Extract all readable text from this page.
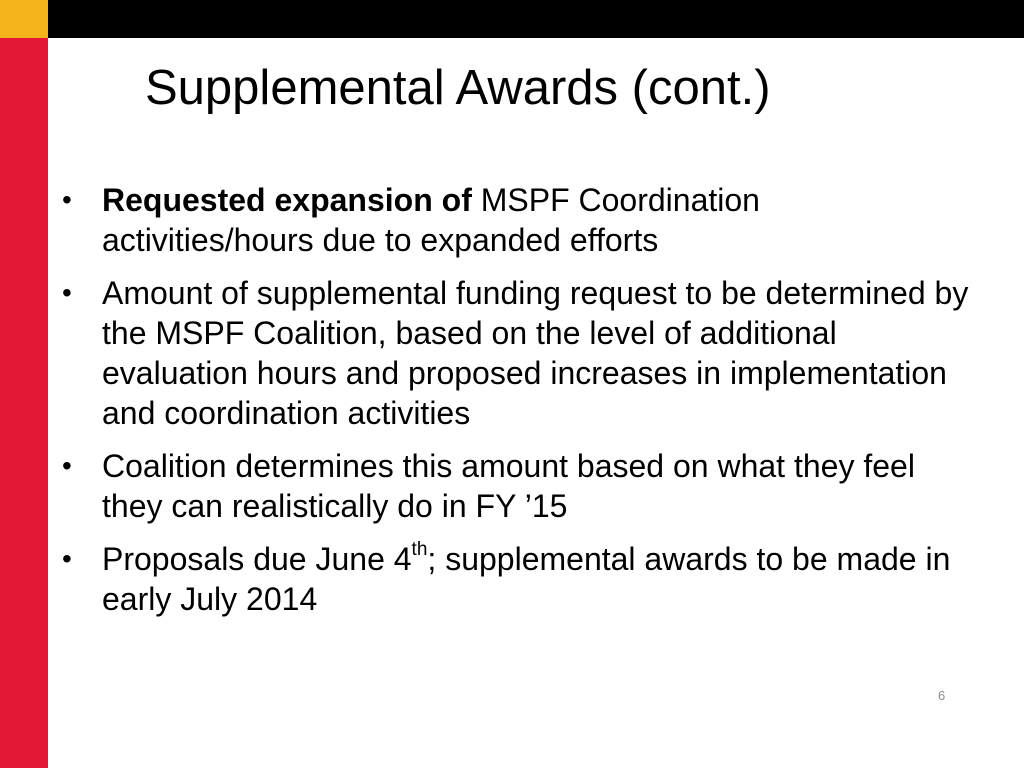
Supplemental Awards (cont.)
• Requested expansion of MSPF Coordination activities/hours due to expanded efforts
• Amount of supplemental funding request to be determined by the MSPF Coalition, based on the level of additional evaluation hours and proposed increases in implementation and coordination activities
• Coalition determines this amount based on what they feel they can realistically do in FY ’15
• Proposals due June 4th; supplemental awards to be made in early July 2014
6
